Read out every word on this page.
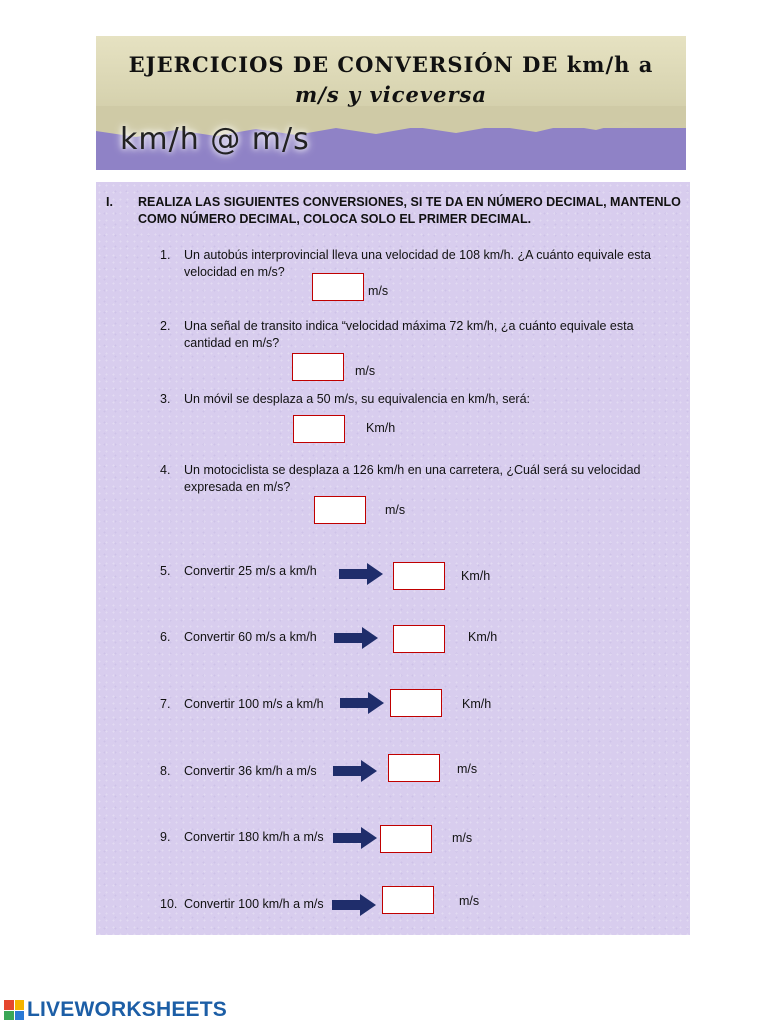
EJERCICIOS DE CONVERSIÓN DE km/h a
m/s y viceversa
km/h @ m/s
I. REALIZA LAS SIGUIENTES CONVERSIONES, SI TE DA EN NÚMERO DECIMAL, MANTENLO
COMO NÚMERO DECIMAL, COLOCA SOLO EL PRIMER DECIMAL.
1. Un autobús interprovincial lleva una velocidad de 108 km/h. ¿A cuánto equivale esta
velocidad en m/s?
m/s
2. Una señal de transito indica “velocidad máxima 72 km/h, ¿a cuánto equivale esta
cantidad en m/s?
m/s
3. Un móvil se desplaza a 50 m/s, su equivalencia en km/h, será:
Km/h
4. Un motociclista se desplaza a 126 km/h en una carretera, ¿Cuál será su velocidad
expresada en m/s?
m/s
5. Convertir 25 m/s a km/h	Km/h
6. Convertir 60 m/s a km/h	Km/h
7. Convertir 100 m/s a km/h	Km/h
8. Convertir 36 km/h a m/s	m/s
9. Convertir 180 km/h a m/s	m/s
10. Convertir 100 km/h a m/s	m/s
LIVEWORKSHEETS
